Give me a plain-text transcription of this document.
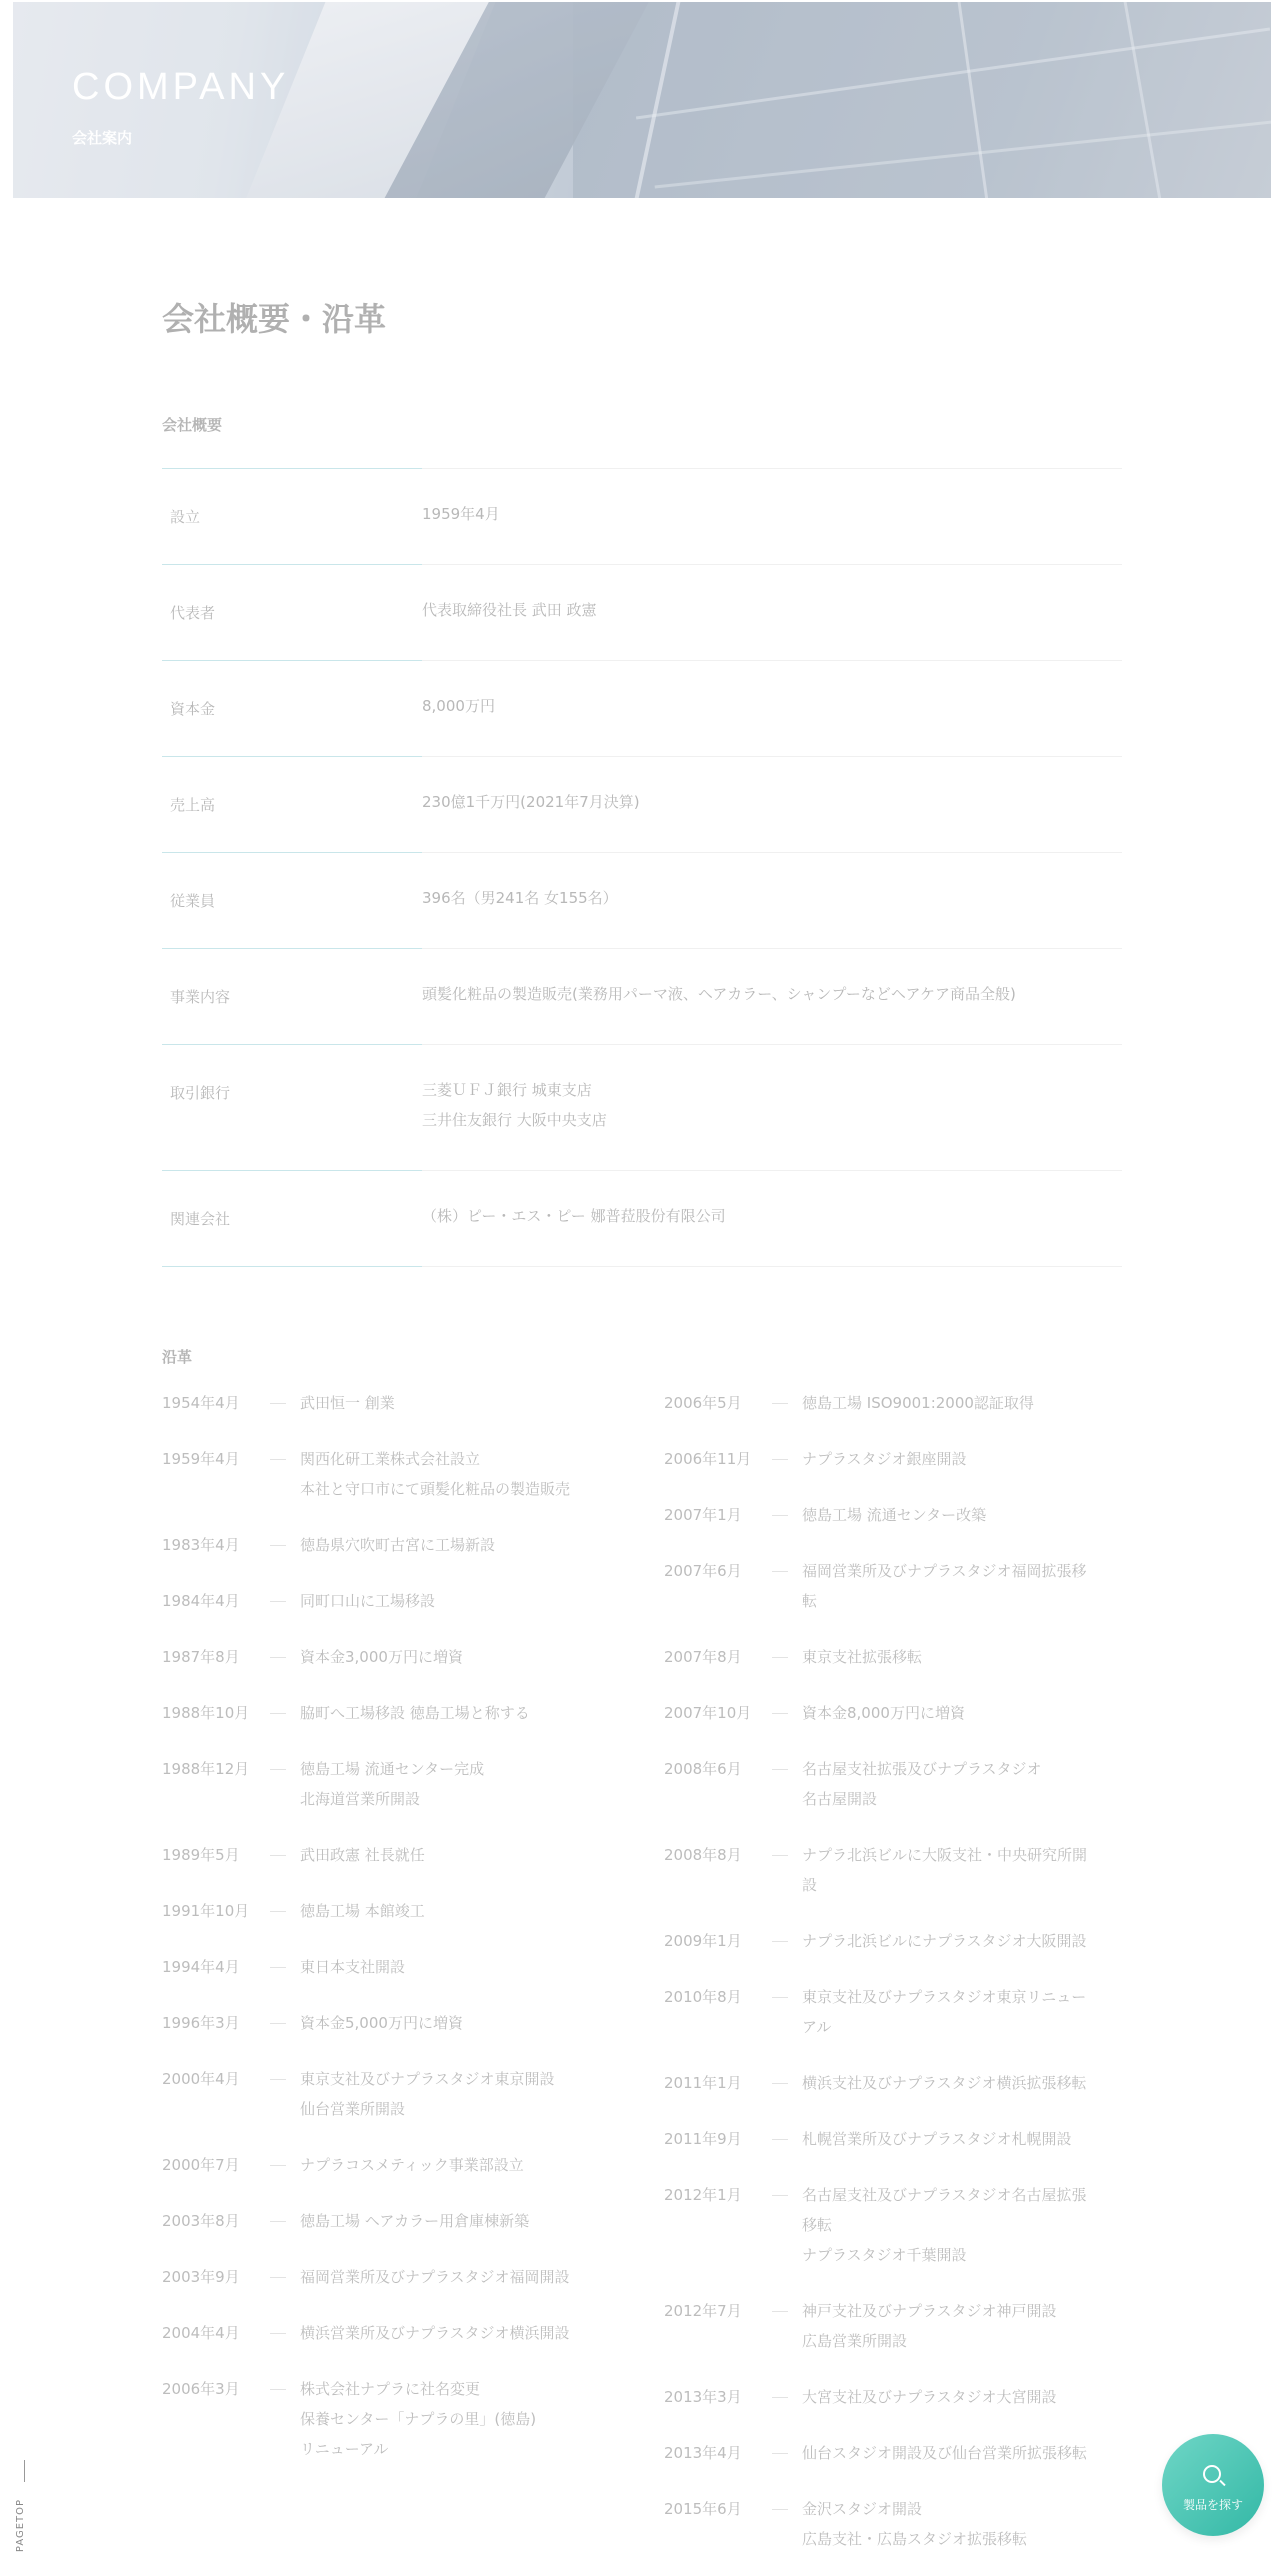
COMPANY
会社案内
会社概要・沿革
会社概要
設立	1959年4月
代表者	代表取締役社長 武田 政憲
資本金	8,000万円
売上高	230億1千万円(2021年7月決算)
従業員	396名（男241名 女155名）
事業内容	頭髪化粧品の製造販売(業務用パーマ液、ヘアカラー、シャンプーなどヘアケア商品全般)
取引銀行	三菱ＵＦＪ銀行 城東支店
三井住友銀行 大阪中央支店
関連会社	（株）ピー・エス・ピー 娜普菈股份有限公司
沿革
1954年4月	武田恒一 創業
1959年4月	関西化研工業株式会社設立
本社と守口市にて頭髪化粧品の製造販売
1983年4月	徳島県穴吹町古宮に工場新設
1984年4月	同町口山に工場移設
1987年8月	資本金3,000万円に増資
1988年10月	脇町へ工場移設 徳島工場と称する
1988年12月	徳島工場 流通センター完成
北海道営業所開設
1989年5月	武田政憲 社長就任
1991年10月	徳島工場 本館竣工
1994年4月	東日本支社開設
1996年3月	資本金5,000万円に増資
2000年4月	東京支社及びナプラスタジオ東京開設
仙台営業所開設
2000年7月	ナプラコスメティック事業部設立
2003年8月	徳島工場 ヘアカラー用倉庫棟新築
2003年9月	福岡営業所及びナプラスタジオ福岡開設
2004年4月	横浜営業所及びナプラスタジオ横浜開設
2006年3月	株式会社ナプラに社名変更
保養センター「ナプラの里」(徳島)
リニューアル
2006年5月	徳島工場 ISO9001:2000認証取得
2006年11月	ナプラスタジオ銀座開設
2007年1月	徳島工場 流通センター改築
2007年6月	福岡営業所及びナプラスタジオ福岡拡張移
転
2007年8月	東京支社拡張移転
2007年10月	資本金8,000万円に増資
2008年6月	名古屋支社拡張及びナプラスタジオ
名古屋開設
2008年8月	ナプラ北浜ビルに大阪支社・中央研究所開
設
2009年1月	ナプラ北浜ビルにナプラスタジオ大阪開設
2010年8月	東京支社及びナプラスタジオ東京リニュー
アル
2011年1月	横浜支社及びナプラスタジオ横浜拡張移転
2011年9月	札幌営業所及びナプラスタジオ札幌開設
2012年1月	名古屋支社及びナプラスタジオ名古屋拡張
移転
ナプラスタジオ千葉開設
2012年7月	神戸支社及びナプラスタジオ神戸開設
広島営業所開設
2013年3月	大宮支社及びナプラスタジオ大宮開設
2013年4月	仙台スタジオ開設及び仙台営業所拡張移転
2015年6月	金沢スタジオ開設
広島支社・広島スタジオ拡張移転
PAGETOP	製品を探す
